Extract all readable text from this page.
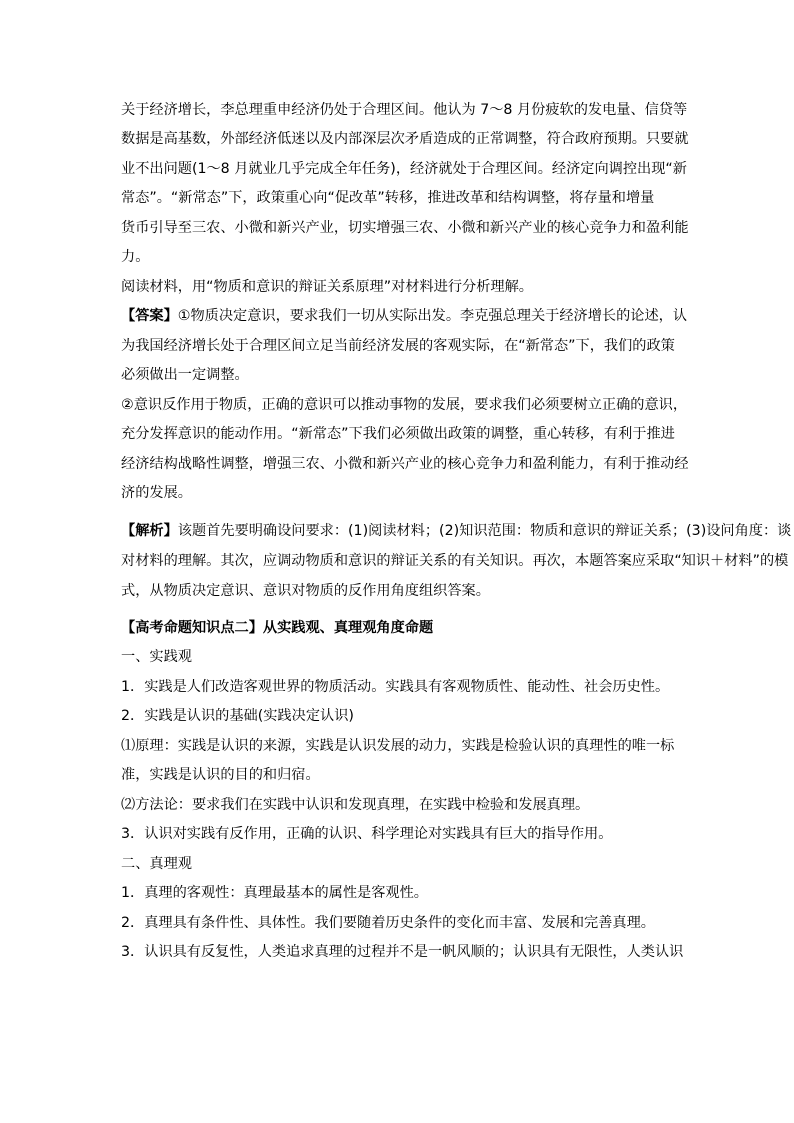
关于经济增长，李总理重申经济仍处于合理区间。他认为 7～8 月份疲软的发电量、信贷等
数据是高基数，外部经济低迷以及内部深层次矛盾造成的正常调整，符合政府预期。只要就
业不出问题(1～8 月就业几乎完成全年任务)，经济就处于合理区间。经济定向调控出现“新
常态”。“新常态”下，政策重心向“促改革”转移，推进改革和结构调整，将存量和增量
货币引导至三农、小微和新兴产业，切实增强三农、小微和新兴产业的核心竞争力和盈利能
力。
阅读材料，用“物质和意识的辩证关系原理”对材料进行分析理解。
【答案】①物质决定意识，要求我们一切从实际出发。李克强总理关于经济增长的论述，认
为我国经济增长处于合理区间立足当前经济发展的客观实际，在“新常态”下，我们的政策
必须做出一定调整。
②意识反作用于物质，正确的意识可以推动事物的发展，要求我们必须要树立正确的意识，
充分发挥意识的能动作用。“新常态”下我们必须做出政策的调整，重心转移，有利于推进
经济结构战略性调整，增强三农、小微和新兴产业的核心竞争力和盈利能力，有利于推动经
济的发展。
【解析】该题首先要明确设问要求：(1)阅读材料；(2)知识范围：物质和意识的辩证关系；(3)设问角度：谈
对材料的理解。其次，应调动物质和意识的辩证关系的有关知识。再次，本题答案应采取“知识＋材料”的模
式，从物质决定意识、意识对物质的反作用角度组织答案。
【高考命题知识点二】从实践观、真理观角度命题
一、实践观
1．实践是人们改造客观世界的物质活动。实践具有客观物质性、能动性、社会历史性。
2．实践是认识的基础(实践决定认识)
⑴原理：实践是认识的来源，实践是认识发展的动力，实践是检验认识的真理性的唯一标
准，实践是认识的目的和归宿。
⑵方法论：要求我们在实践中认识和发现真理，在实践中检验和发展真理。
3．认识对实践有反作用，正确的认识、科学理论对实践具有巨大的指导作用。
二、真理观
1．真理的客观性：真理最基本的属性是客观性。
2．真理具有条件性、具体性。我们要随着历史条件的变化而丰富、发展和完善真理。
3．认识具有反复性，人类追求真理的过程并不是一帆风顺的；认识具有无限性，人类认识
